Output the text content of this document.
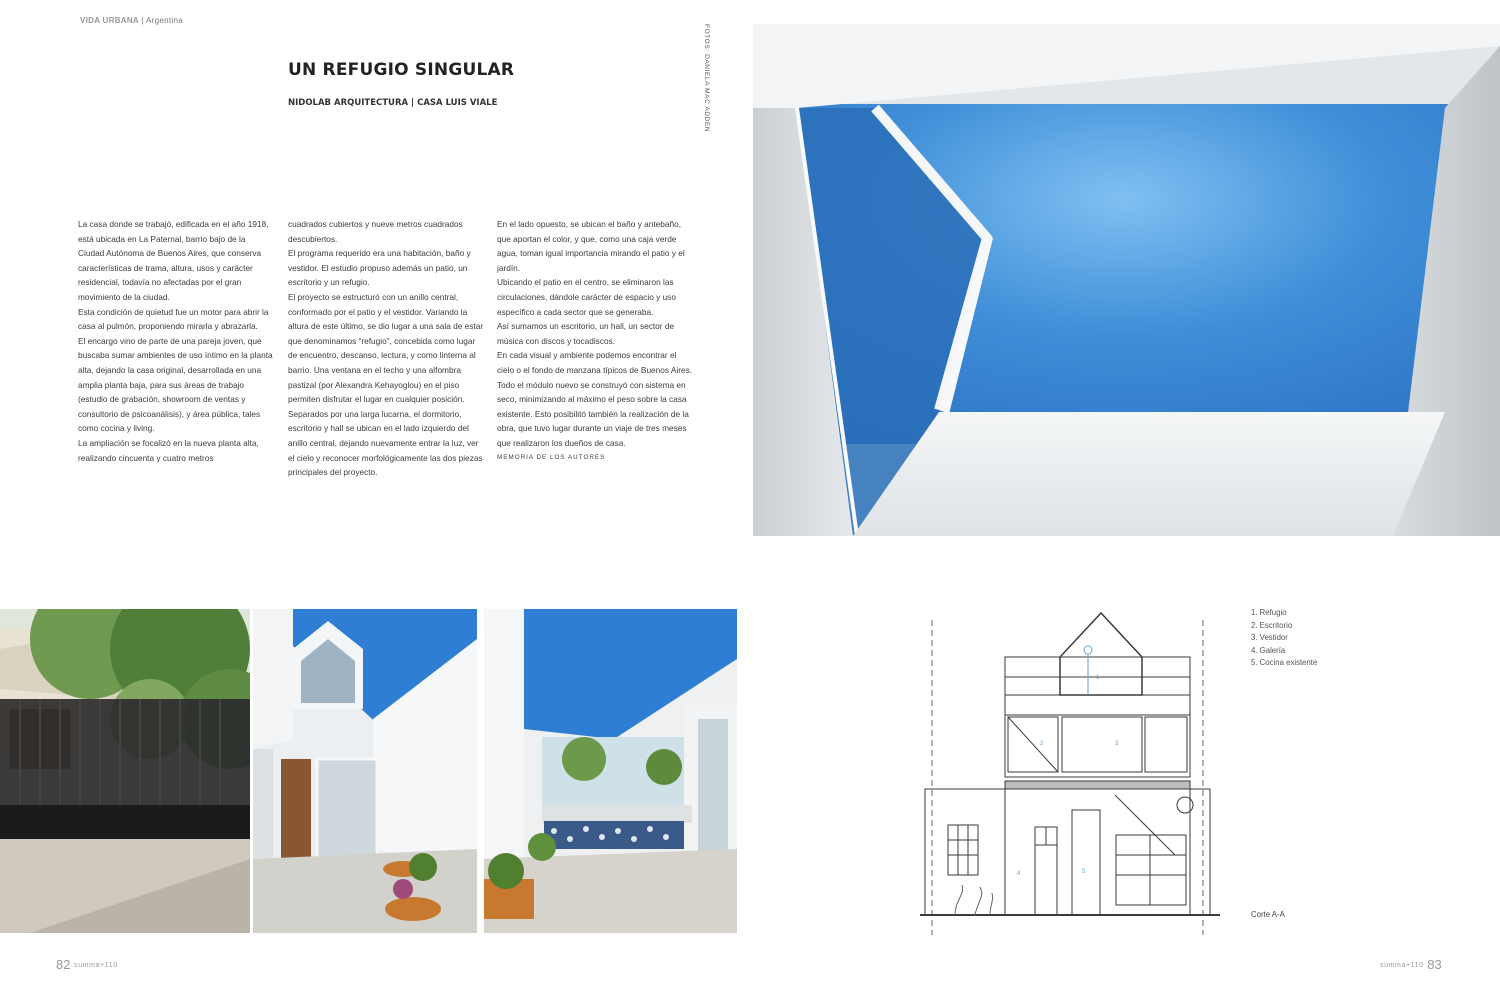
VIDA URBANA | Argentina
UN REFUGIO SINGULAR
NIDOLAB ARQUITECTURA | CASA LUIS VIALE	FOTOS: DANIELA MAC ADDEN

La casa donde se trabajó, edificada en el año 1918, está ubicada en La Paternal, barrio bajo de la Ciudad Autónoma de Buenos Aires, que conserva características de trama, altura, usos y carácter residencial, todavía no afectadas por el gran movimiento de la ciudad.

Esta condición de quietud fue un motor para abrir la casa al pulmón, proponiendo mirarla y abrazarla.

El encargo vino de parte de una pareja joven, que buscaba sumar ambientes de uso íntimo en la planta alta, dejando la casa original, desarrollada en una amplia planta baja, para sus áreas de trabajo (estudio de grabación, showroom de ventas y consultorio de psicoanálisis), y área pública, tales como cocina y living.

La ampliación se focalizó en la nueva planta alta, realizando cincuenta y cuatro metros

cuadrados cubiertos y nueve metros cuadrados descubiertos.

El programa requerido era una habitación, baño y vestidor. El estudio propuso además un patio, un escritorio y un refugio.

El proyecto se estructuró con un anillo central, conformado por el patio y el vestidor. Variando la altura de este último, se dio lugar a una sala de estar que denominamos “refugio”, concebida como lugar de encuentro, descanso, lectura, y como linterna al barrio. Una ventana en el techo y una alfombra pastizal (por Alexandra Kehayoglou) en el piso permiten disfrutar el lugar en cualquier posición.

Separados por una larga lucarna, el dormitorio, escritorio y hall se ubican en el lado izquierdo del anillo central, dejando nuevamente entrar la luz, ver el cielo y reconocer morfológicamente las dos piezas principales del proyecto.

En el lado opuesto, se ubican el baño y antebaño, que aportan el color, y que, como una caja verde agua, toman igual importancia mirando el patio y el jardín.

Ubicando el patio en el centro, se eliminaron las circulaciones, dándole carácter de espacio y uso específico a cada sector que se generaba.

Así sumamos un escritorio, un hall, un sector de música con discos y tocadiscos.

En cada visual y ambiente podemos encontrar el cielo o el fondo de manzana típicos de Buenos Aires.

Todo el módulo nuevo se construyó con sistema en seco, minimizando al máximo el peso sobre la casa existente. Esto posibilitó también la realización de la obra, que tuvo lugar durante un viaje de tres meses que realizaron los dueños de casa.

MEMORIA DE LOS AUTORES

1
2	3
4	5
1. Refugio
2. Escritorio
3. Vestidor
4. Galería
5. Cocina existente
Corte A-A
82 summa+110	summa+110 83
